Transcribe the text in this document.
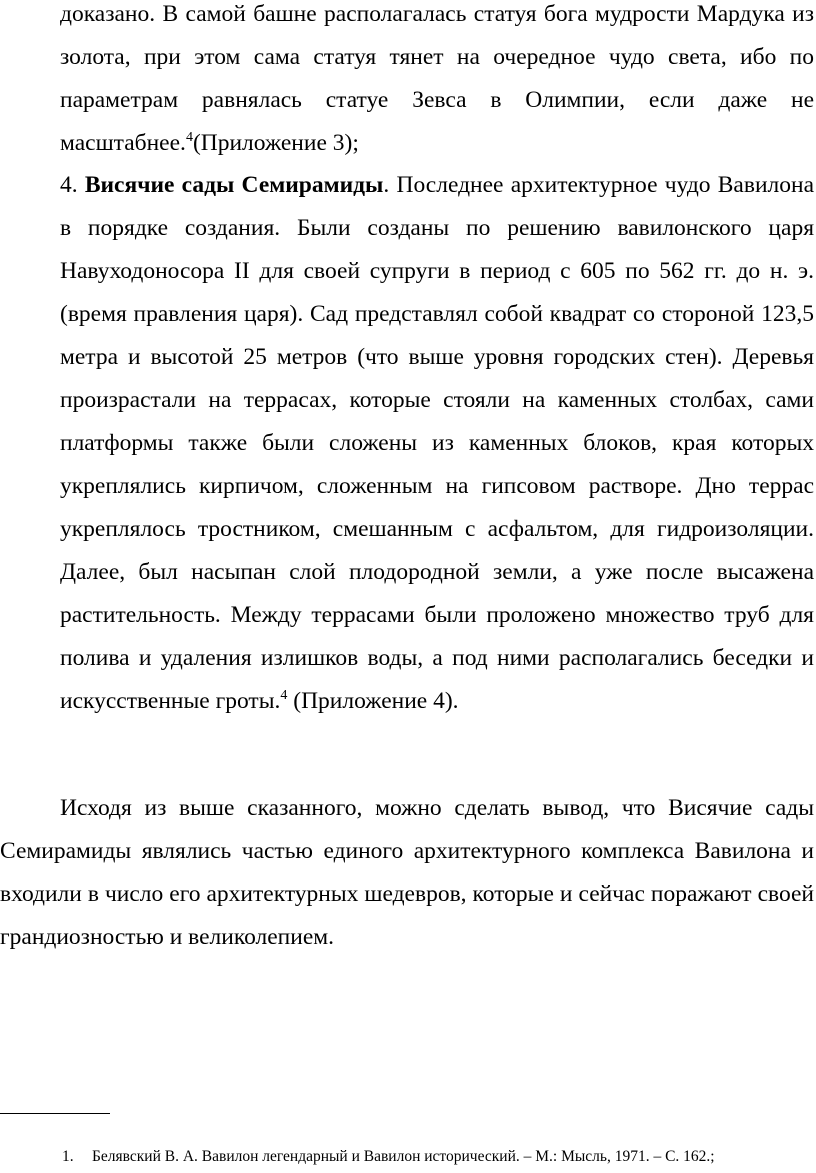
доказано. В самой башне располагалась статуя бога мудрости Мардука из золота, при этом сама статуя тянет на очередное чудо света, ибо по параметрам равнялась статуе Зевса в Олимпии, если даже не масштабнее.$^4$(Приложение 3);

4. Висячие сады Семирамиды. Последнее архитектурное чудо Вавилона в порядке создания. Были созданы по решению вавилонского царя Навуходоносора II для своей супруги в период с 605 по 562 гг. до н. э. (время правления царя). Сад представлял собой квадрат со стороной 123,5 метра и высотой 25 метров (что выше уровня городских стен). Деревья произрастали на террасах, которые стояли на каменных столбах, сами платформы также были сложены из каменных блоков, края которых укреплялись кирпичом, сложенным на гипсовом растворе. Дно террас укреплялось тростником, смешанным с асфальтом, для гидроизоляции. Далее, был насыпан слой плодородной земли, а уже после высажена растительность. Между террасами были проложено множество труб для полива и удаления излишков воды, а под ними располагались беседки и искусственные гроты.$^4$ (Приложение 4).

Исходя из выше сказанного, можно сделать вывод, что Висячие сады Семирамиды являлись частью единого архитектурного комплекса Вавилона и входили в число его архитектурных шедевров, которые и сейчас поражают своей грандиозностью и великолепием.

1. Белявский В. А. Вавилон легендарный и Вавилон исторический. – М.: Мысль, 1971. – С. 162.;
